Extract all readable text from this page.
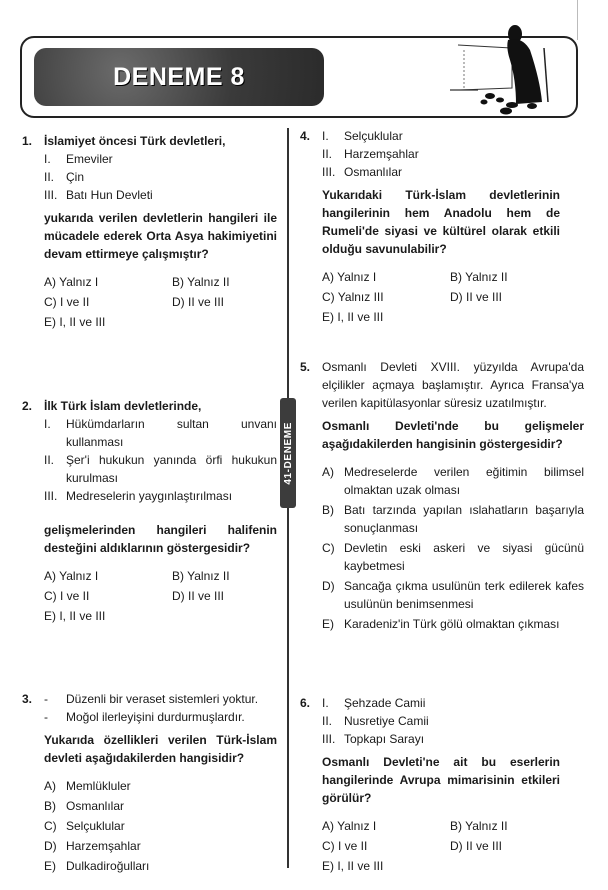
DENEME 8
41-DENEME
1. İslamiyet öncesi Türk devletleri,
I.	Emeviler
II. Çin
III. Batı Hun Devleti
yukarıda verilen devletlerin hangileri ile mücadele ederek Orta Asya hakimiyetini devam ettirmeye çalışmıştır?
A) Yalnız I	B) Yalnız II
C) I ve II	D) II ve III
E) I, II ve III
2. İlk Türk İslam devletlerinde,
I.	Hükümdarların sultan unvanı kullanması
II. Şer'i hukukun yanında örfi hukukun kurulması
III. Medreselerin yaygınlaştırılması
gelişmelerinden hangileri halifenin desteğini aldıklarının göstergesidir?
A) Yalnız I	B) Yalnız II
C) I ve II	D) II ve III
E) I, II ve III
3. -	Düzenli bir veraset sistemleri yoktur.
-	Moğol ilerleyişini durdurmuşlardır.
Yukarıda özellikleri verilen Türk-İslam devleti aşağıdakilerden hangisidir?
A) Memlükluler
B) Osmanlılar
C) Selçuklular
D) Harzemşahlar
E) Dulkadiroğulları
4. I.	Selçuklular
II. Harzemşahlar
III. Osmanlılar
Yukarıdaki Türk-İslam devletlerinin hangilerinin hem Anadolu hem de Rumeli'de siyasi ve kültürel olarak etkili olduğu savunulabilir?
A) Yalnız I	B) Yalnız II
C) Yalnız III	D) II ve III
E) I, II ve III
5. Osmanlı Devleti XVIII. yüzyılda Avrupa'da elçilikler açmaya başlamıştır. Ayrıca Fransa'ya verilen kapitülasyonlar süresiz uzatılmıştır.
Osmanlı Devleti'nde bu gelişmeler aşağıdakilerden hangisinin göstergesidir?
A) Medreselerde verilen eğitimin bilimsel olmaktan uzak olması
B) Batı tarzında yapılan ıslahatların başarıyla sonuçlanması
C) Devletin eski askeri ve siyasi gücünü kaybetmesi
D) Sancağa çıkma usulünün terk edilerek kafes usulünün benimsenmesi
E) Karadeniz'in Türk gölü olmaktan çıkması
6. I.	Şehzade Camii
II. Nusretiye Camii
III. Topkapı Sarayı
Osmanlı Devleti'ne ait bu eserlerin hangilerinde Avrupa mimarisinin etkileri görülür?
A) Yalnız I	B) Yalnız II
C) I ve II	D) II ve III
E) I, II ve III
